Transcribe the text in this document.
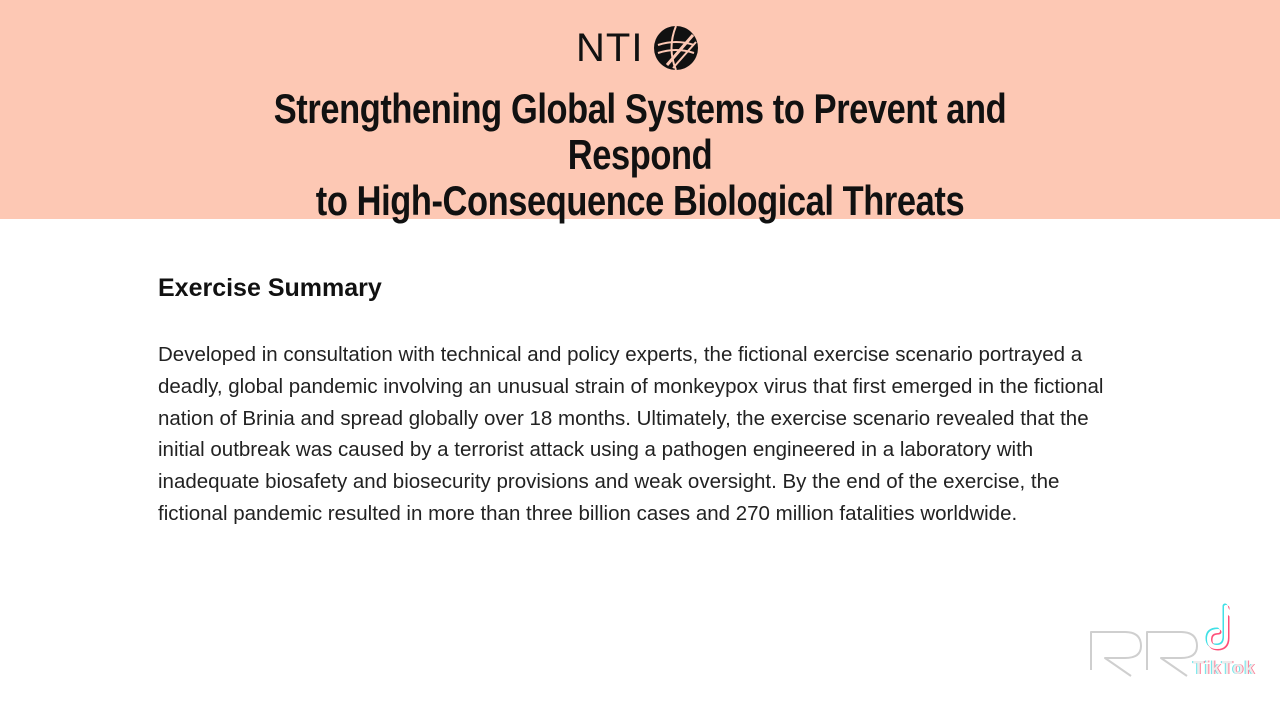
NTI
Strengthening Global Systems to Prevent and Respond
to High-Consequence Biological Threats
Exercise Summary

Developed in consultation with technical and policy experts, the fictional exercise scenario portrayed a deadly, global pandemic involving an unusual strain of monkeypox virus that first emerged in the fictional nation of Brinia and spread globally over 18 months. Ultimately, the exercise scenario revealed that the initial outbreak was caused by a terrorist attack using a pathogen engineered in a laboratory with inadequate biosafety and biosecurity provisions and weak oversight. By the end of the exercise, the fictional pandemic resulted in more than three billion cases and 270 million fatalities worldwide.

TikTok
